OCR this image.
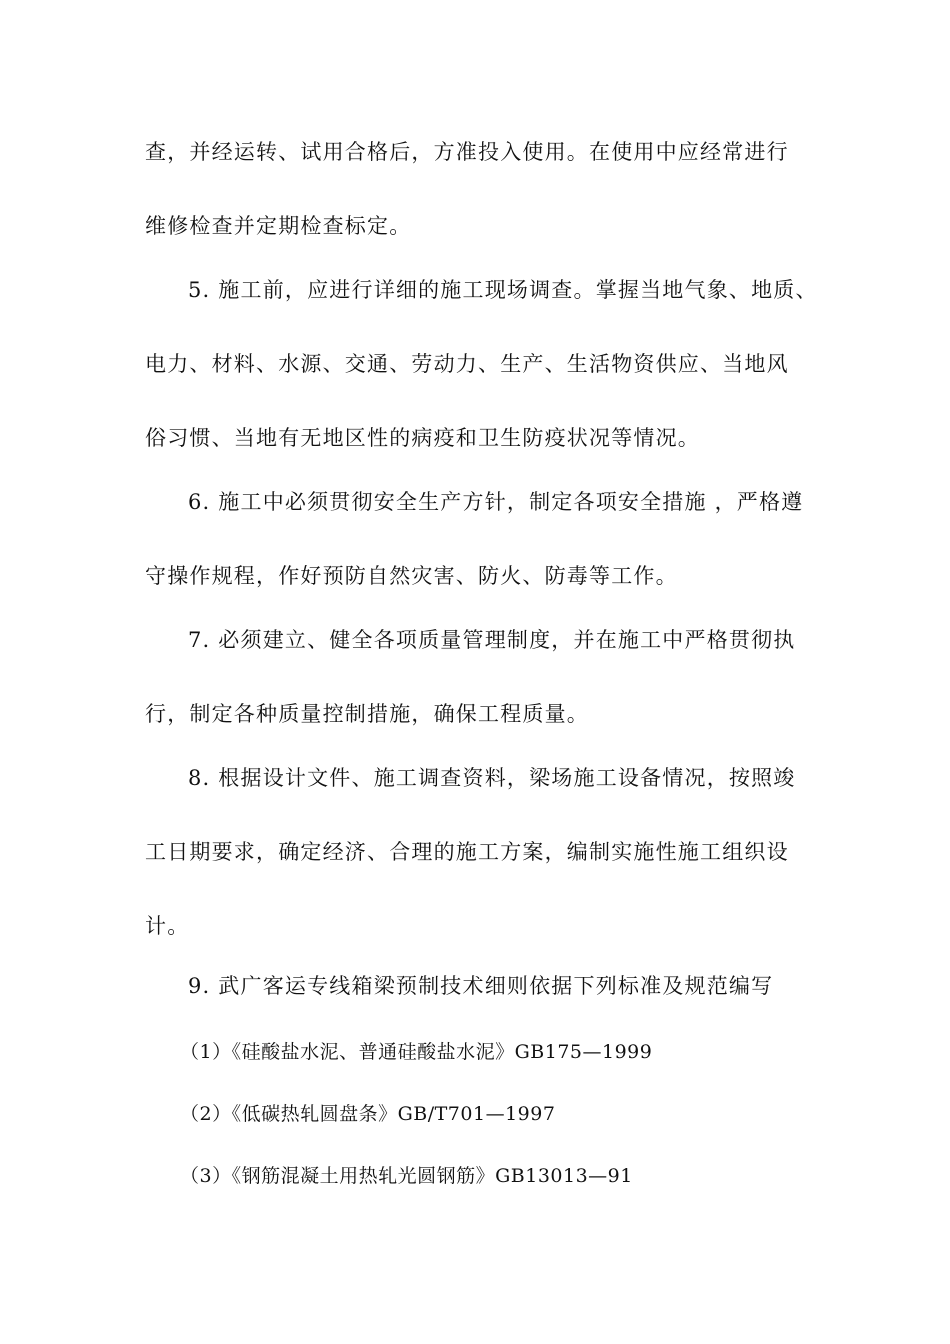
查，并经运转、试用合格后，方准投入使用。在使用中应经常进行
维修检查并定期检查标定。
5. 施工前，应进行详细的施工现场调查。掌握当地气象、地质、
电力、材料、水源、交通、劳动力、生产、生活物资供应、当地风
俗习惯、当地有无地区性的病疫和卫生防疫状况等情况。
6. 施工中必须贯彻安全生产方针，制定各项安全措施 ，严格遵
守操作规程，作好预防自然灾害、防火、防毒等工作。
7. 必须建立、健全各项质量管理制度，并在施工中严格贯彻执
行，制定各种质量控制措施，确保工程质量。
8. 根据设计文件、施工调查资料，梁场施工设备情况，按照竣
工日期要求，确定经济、合理的施工方案，编制实施性施工组织设
计。
9. 武广客运专线箱梁预制技术细则依据下列标准及规范编写
（1）《硅酸盐水泥、普通硅酸盐水泥》GB175—1999
（2）《低碳热轧圆盘条》GB/T701—1997
（3）《钢筋混凝土用热轧光圆钢筋》GB13013—91
